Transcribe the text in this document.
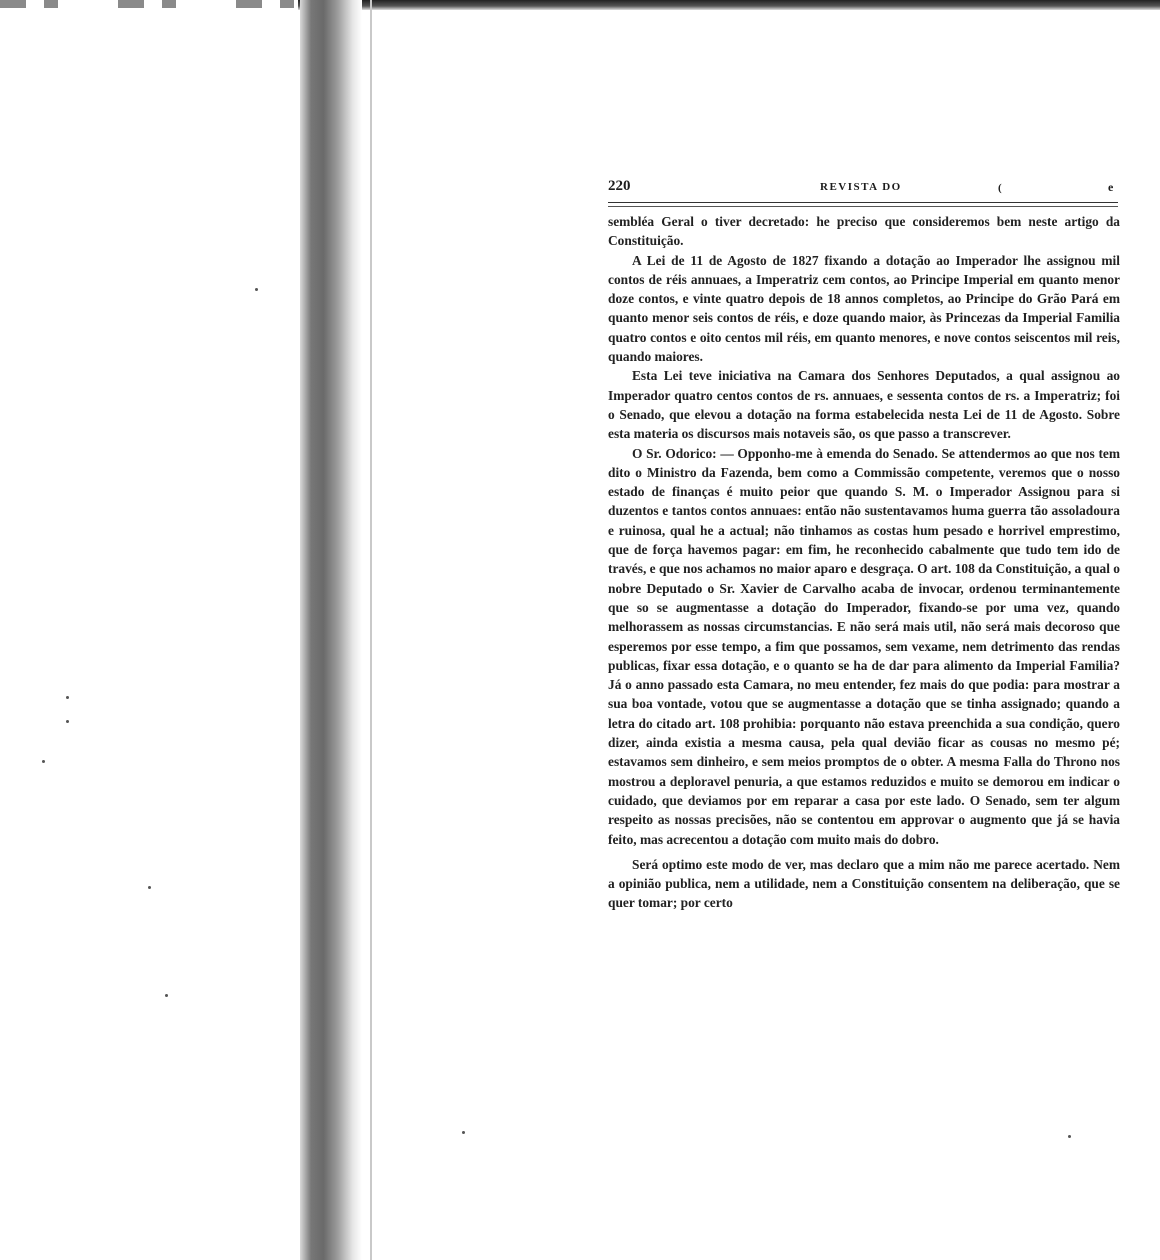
220	REVISTA DO	(	e

sembléa Geral o tiver decretado: he preciso que consideremos bem neste artigo da Constituição.

A Lei de 11 de Agosto de 1827 fixando a dotação ao Imperador lhe assignou mil contos de réis annuaes, a Imperatriz cem contos, ao Principe Imperial em quanto menor doze contos, e vinte quatro depois de 18 annos completos, ao Principe do Grão Pará em quanto menor seis contos de réis, e doze quando maior, às Princezas da Imperial Familia quatro contos e oito centos mil réis, em quanto menores, e nove contos seiscentos mil reis, quando maiores.

Esta Lei teve iniciativa na Camara dos Senhores Deputados, a qual assignou ao Imperador quatro centos contos de rs. annuaes, e sessenta contos de rs. a Imperatriz; foi o Senado, que elevou a dotação na forma estabelecida nesta Lei de 11 de Agosto. Sobre esta materia os discursos mais notaveis são, os que passo a transcrever.

O Sr. Odorico: — Opponho-me à emenda do Senado. Se attendermos ao que nos tem dito o Ministro da Fazenda, bem como a Commissão competente, veremos que o nosso estado de finanças é muito peior que quando S. M. o Imperador Assignou para si duzentos e tantos contos annuaes: então não sustentavamos huma guerra tão assoladoura e ruinosa, qual he a actual; não tinhamos as costas hum pesado e horrivel emprestimo, que de força havemos pagar: em fim, he reconhecido cabalmente que tudo tem ido de través, e que nos achamos no maior aparo e desgraça. O art. 108 da Constituição, a qual o nobre Deputado o Sr. Xavier de Carvalho acaba de invocar, ordenou terminantemente que so se augmentasse a dotação do Imperador, fixando-se por uma vez, quando melhorassem as nossas circumstancias. E não será mais util, não será mais decoroso que esperemos por esse tempo, a fim que possamos, sem vexame, nem detrimento das rendas publicas, fixar essa dotação, e o quanto se ha de dar para alimento da Imperial Familia? Já o anno passado esta Camara, no meu entender, fez mais do que podia: para mostrar a sua boa vontade, votou que se augmentasse a dotação que se tinha assignado; quando a letra do citado art. 108 prohibia: porquanto não estava preenchida a sua condição, quero dizer, ainda existia a mesma causa, pela qual devião ficar as cousas no mesmo pé; estavamos sem dinheiro, e sem meios promptos de o obter. A mesma Falla do Throno nos mostrou a deploravel penuria, a que estamos reduzidos e muito se demorou em indicar o cuidado, que deviamos por em reparar a casa por este lado. O Senado, sem ter algum respeito as nossas precisões, não se contentou em approvar o augmento que já se havia feito, mas acrecentou a dotação com muito mais do dobro.

Será optimo este modo de ver, mas declaro que a mim não me parece acertado. Nem a opinião publica, nem a utilidade, nem a Constituição consentem na deliberação, que se quer tomar; por certo
